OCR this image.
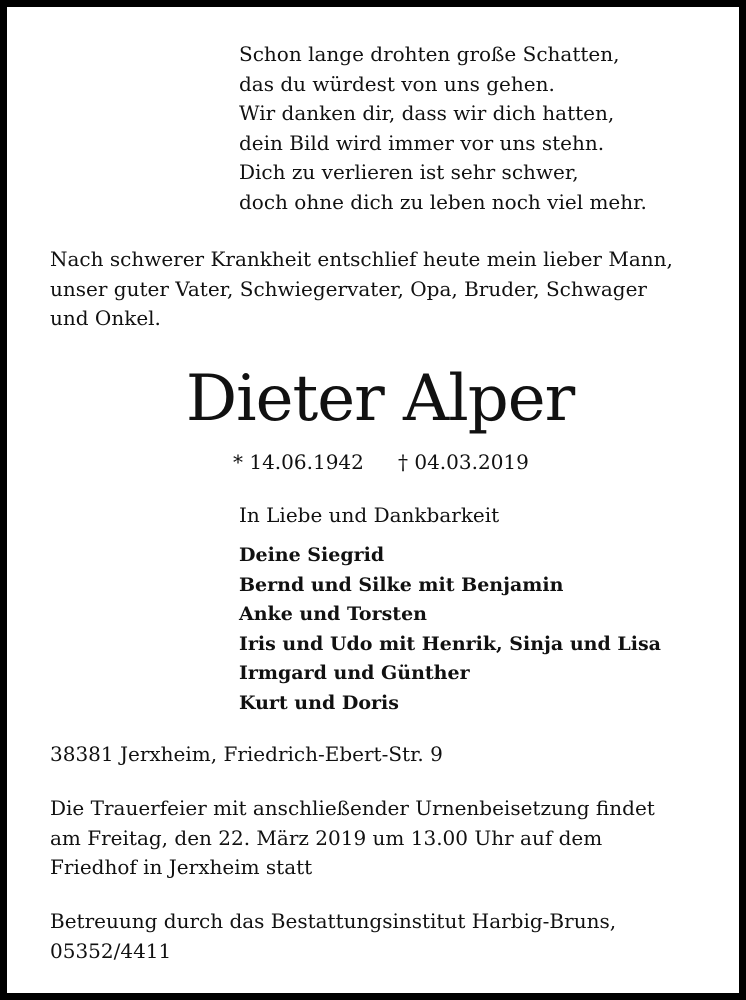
Schon lange drohten große Schatten,
das du würdest von uns gehen.
Wir danken dir, dass wir dich hatten,
dein Bild wird immer vor uns stehn.
Dich zu verlieren ist sehr schwer,
doch ohne dich zu leben noch viel mehr.
Nach schwerer Krankheit entschlief heute mein lieber Mann,
unser guter Vater, Schwiegervater, Opa, Bruder, Schwager
und Onkel.
Dieter Alper
* 14.06.1942 † 04.03.2019
In Liebe und Dankbarkeit
Deine Siegrid
Bernd und Silke mit Benjamin
Anke und Torsten
Iris und Udo mit Henrik, Sinja und Lisa
Irmgard und Günther
Kurt und Doris
38381 Jerxheim, Friedrich-Ebert-Str. 9
Die Trauerfeier mit anschließender Urnenbeisetzung findet
am Freitag, den 22. März 2019 um 13.00 Uhr auf dem
Friedhof in Jerxheim statt
Betreuung durch das Bestattungsinstitut Harbig-Bruns,
05352/4411
